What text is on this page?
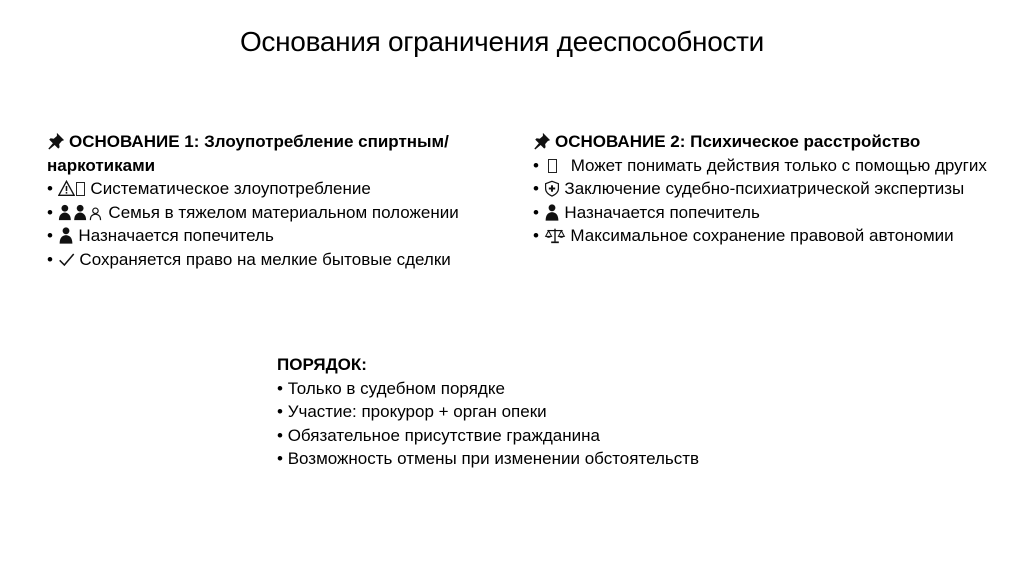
Основания ограничения дееспособности
ОСНОВАНИЕ 1: Злоупотребление спиртным/наркотиками
• Систематическое злоупотребление
•	Семья в тяжелом материальном положении
• Назначается попечитель
• Сохраняется право на мелкие бытовые сделки
ОСНОВАНИЕ 2: Психическое расстройство
• Может понимать действия только с помощью других
• Заключение судебно-психиатрической экспертизы
• Назначается попечитель
• Максимальное сохранение правовой автономии
ПОРЯДОК:
• Только в судебном порядке
• Участие: прокурор + орган опеки
• Обязательное присутствие гражданина
• Возможность отмены при изменении обстоятельств
